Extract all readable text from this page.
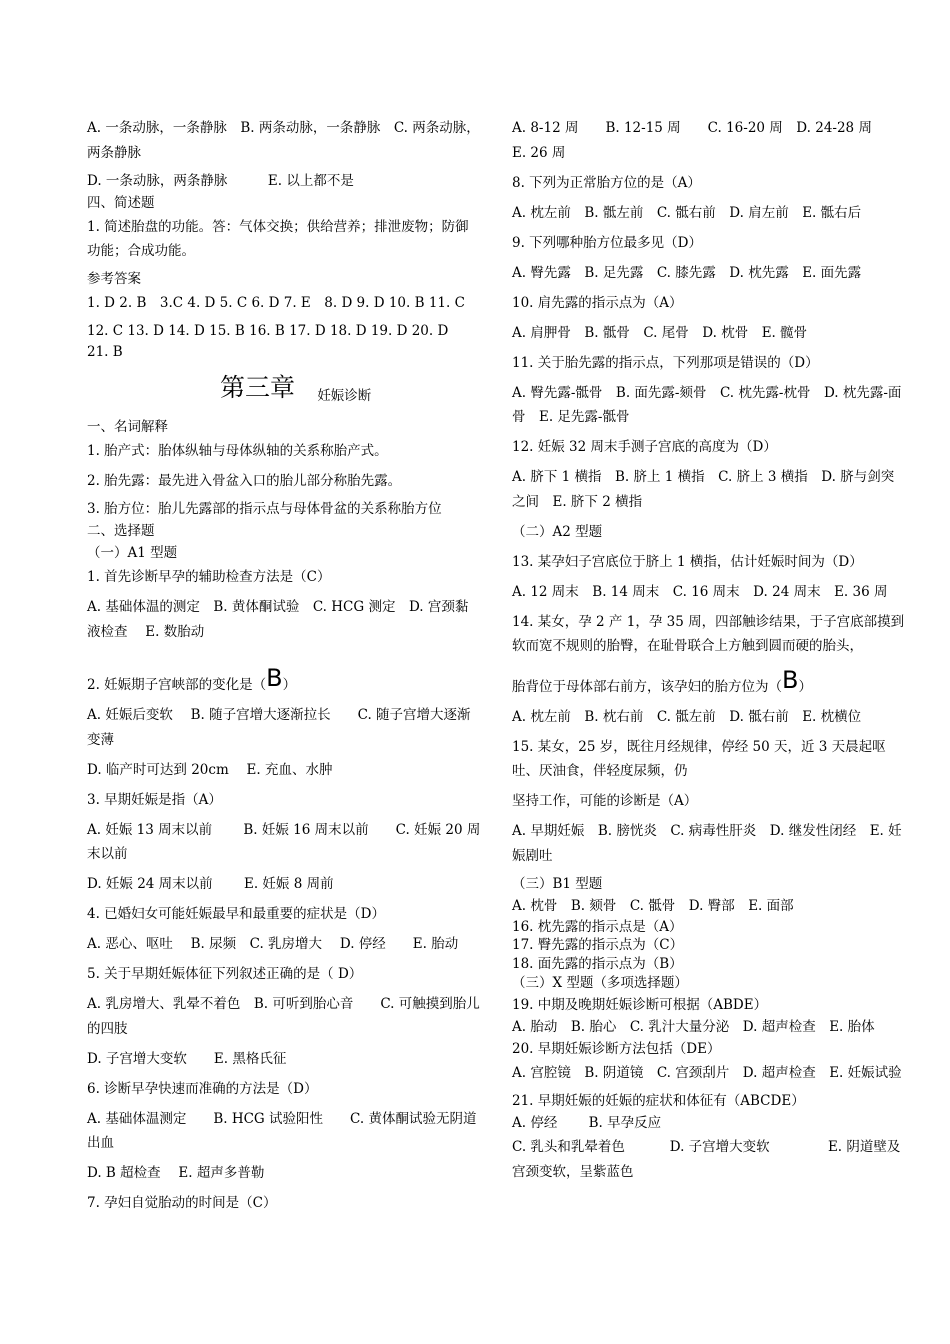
A. 一条动脉，一条静脉　B. 两条动脉，一条静脉　C. 两条动脉，两条静脉
D. 一条动脉，两条静脉　　　E. 以上都不是
四、简述题
1. 简述胎盘的功能。答：气体交换；供给营养；排泄废物；防御功能；合成功能。
参考答案
1. D 2. B　3.C 4. D 5. C 6. D 7. E　8. D 9. D 10. B 11. C
12. C 13. D 14. D 15. B 16. B 17. D 18. D 19. D 20. D　21. B
第三章 妊娠诊断
一、名词解释
1. 胎产式：胎体纵轴与母体纵轴的关系称胎产式。
2. 胎先露：最先进入骨盆入口的胎儿部分称胎先露。
3. 胎方位：胎儿先露部的指示点与母体骨盆的关系称胎方位
二、选择题
（一）A1 型题
1. 首先诊断早孕的辅助检查方法是（C）
A. 基础体温的测定　B. 黄体酮试验　C. HCG 测定　D. 宫颈黏液检查　 E. 数胎动
2. 妊娠期子宫峡部的变化是（B）
A. 妊娠后变软　 B. 随子宫增大逐渐拉长　　C. 随子宫增大逐渐变薄
D. 临产时可达到 20cm　 E. 充血、水肿
3. 早期妊娠是指（A）
A. 妊娠 13 周末以前　　 B. 妊娠 16 周末以前　　C. 妊娠 20 周末以前
D. 妊娠 24 周末以前　　 E. 妊娠 8 周前
4. 已婚妇女可能妊娠最早和最重要的症状是（D）
A. 恶心、呕吐　 B. 尿频　C. 乳房增大　 D. 停经　　E. 胎动
5. 关于早期妊娠体征下列叙述正确的是（ D）
A. 乳房增大、乳晕不着色　B. 可听到胎心音　　C. 可触摸到胎儿的四肢
D. 子宫增大变软　　E. 黑格氏征
6. 诊断早孕快速而准确的方法是（D）
A. 基础体温测定　　B. HCG 试验阳性　　C. 黄体酮试验无阴道出血
D. B 超检查　 E. 超声多普勒
7. 孕妇自觉胎动的时间是（C）
A. 8-12 周　　B. 12-15 周　　C. 16-20 周　D. 24-28 周　　E. 26 周
8. 下列为正常胎方位的是（A）
A. 枕左前　B. 骶左前　C. 骶右前　D. 肩左前　E. 骶右后
9. 下列哪种胎方位最多见（D）
A. 臀先露　B. 足先露　C. 膝先露　D. 枕先露　E. 面先露
10. 肩先露的指示点为（A）
A. 肩胛骨　B. 骶骨　C. 尾骨　D. 枕骨　E. 髋骨
11. 关于胎先露的指示点，下列那项是错误的（D）
A. 臀先露-骶骨　B. 面先露-颏骨　C. 枕先露-枕骨　D. 枕先露-面骨　E. 足先露-骶骨
12. 妊娠 32 周末手测子宫底的高度为（D）
A. 脐下 1 横指　B. 脐上 1 横指　C. 脐上 3 横指　D. 脐与剑突之间　E. 脐下 2 横指
（二）A2 型题
13. 某孕妇子宫底位于脐上 1 横指，估计妊娠时间为（D）
A. 12 周末　B. 14 周末　C. 16 周末　D. 24 周末　E. 36 周
14. 某女，孕 2 产 1，孕 35 周，四部触诊结果，于子宫底部摸到软而宽不规则的胎臀，在耻骨联合上方触到圆而硬的胎头，
胎背位于母体部右前方，该孕妇的胎方位为（B）
A. 枕左前　B. 枕右前　C. 骶左前　D. 骶右前　E. 枕横位
15. 某女，25 岁，既往月经规律，停经 50 天，近 3 天晨起呕吐、厌油食，伴轻度尿频，仍
坚持工作，可能的诊断是（A）
A. 早期妊娠　B. 膀恍炎　C. 病毒性肝炎　D. 继发性闭经　E. 妊娠剧吐
（三）B1 型题
A. 枕骨　B. 颏骨　C. 骶骨　D. 臀部　E. 面部
16. 枕先露的指示点是（A）
17. 臀先露的指示点为（C）
18. 面先露的指示点为（B）
（三）X 型题（多项选择题）
19. 中期及晚期妊娠诊断可根据（ABDE）
A. 胎动　B. 胎心　C. 乳汁大量分泌　D. 超声检查　E. 胎体
20. 早期妊娠诊断方法包括（DE）
A. 宫腔镜　B. 阴道镜　C. 宫颈刮片　D. 超声检查　E. 妊娠试验
21. 早期妊娠的妊娠的症状和体征有（ABCDE）
A. 停经　　 B. 早孕反应
C. 乳头和乳晕着色　　　 D. 子宫增大变软　　　　 E. 阴道壁及宫颈变软，呈紫蓝色
